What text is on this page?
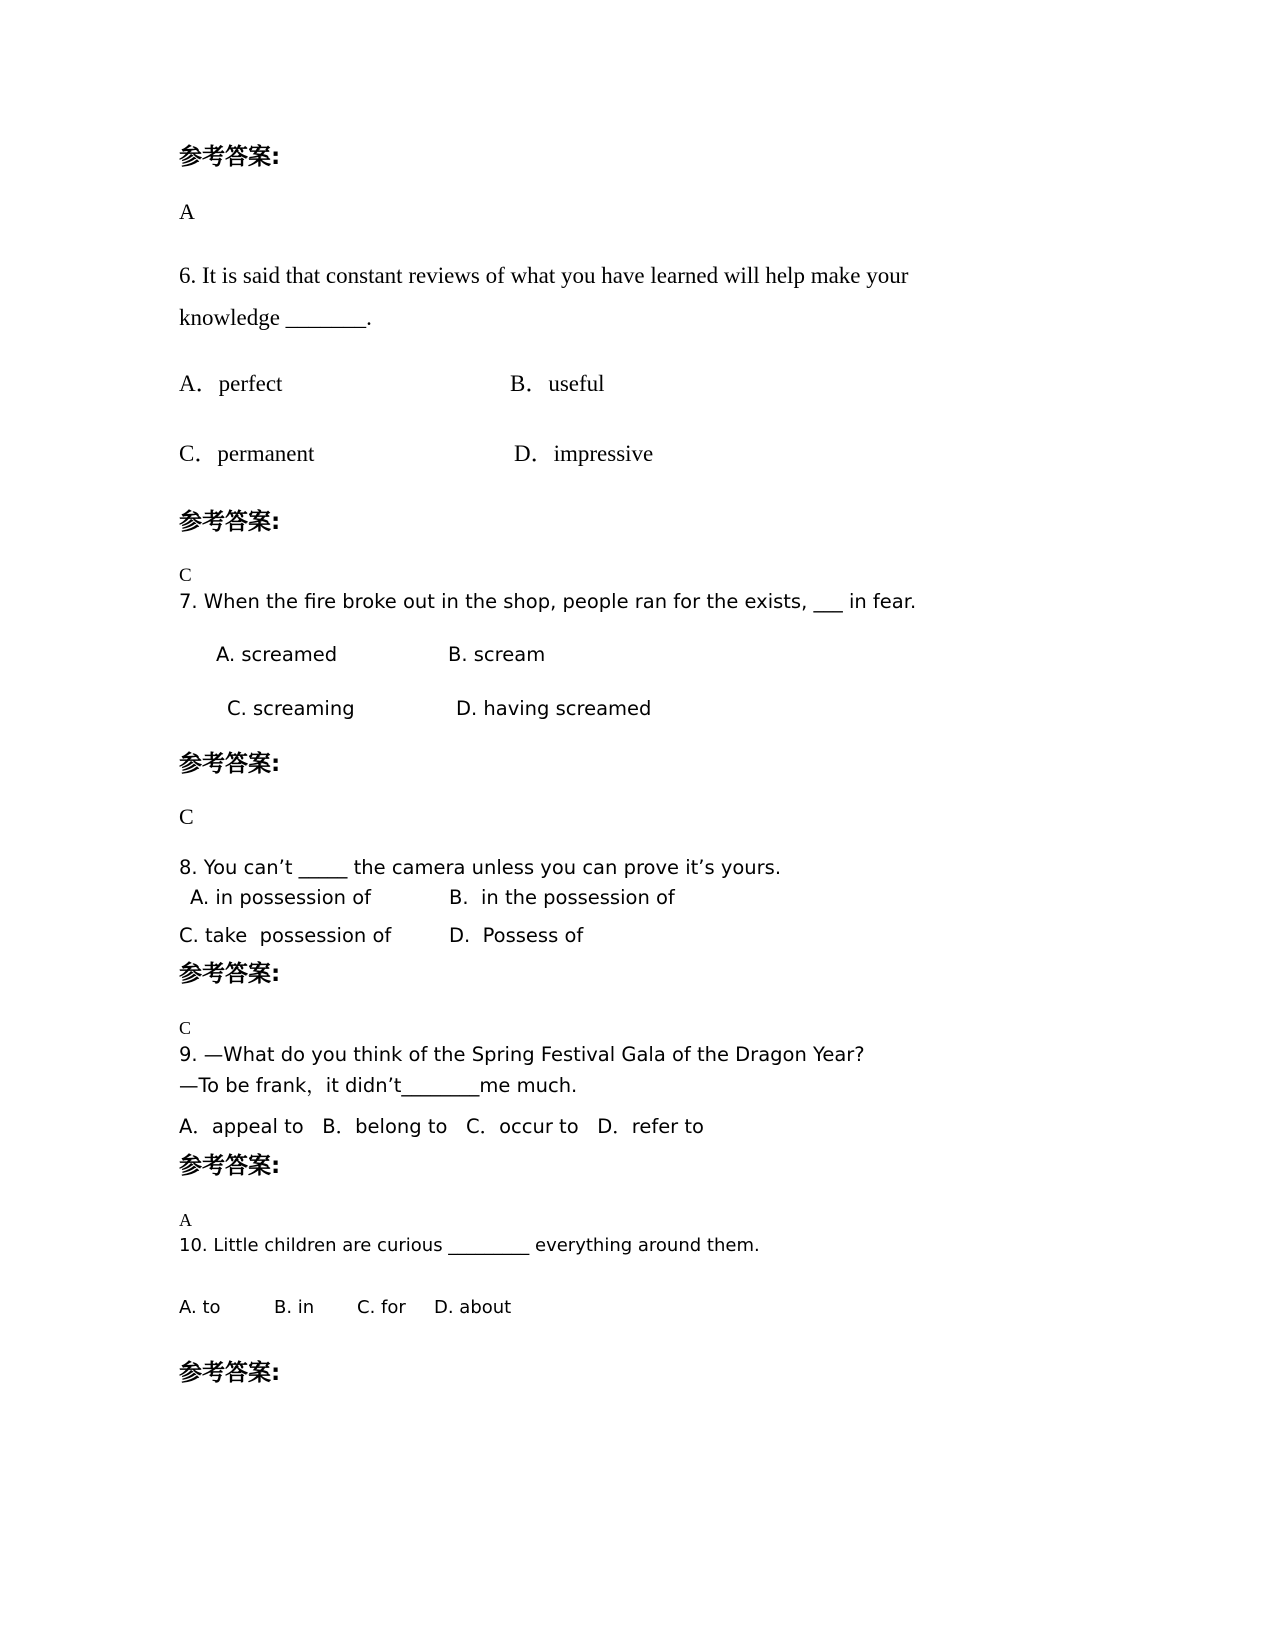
参考答案:
A
6. It is said that constant reviews of what you have learned will help make your
knowledge _______.
A．perfect	B．useful
C．permanent	D．impressive
参考答案:
C
7. When the fire broke out in the shop, people ran for the exists, ___ in fear.
A. screamed	B. scream
C. screaming	D. having screamed
参考答案:
C
8. You can’t _____ the camera unless you can prove it’s yours.
A. in possession of	B.  in the possession of
C. take  possession of	D.  Possess of
参考答案:
C
9. —What do you think of the Spring Festival Gala of the Dragon Year?
—To be frank，it didn’t________me much.
A．appeal to   B．belong to   C．occur to   D．refer to
参考答案:
A
10. Little children are curious _________ everything around them.
A. to	B. in C. for D. about
参考答案:
